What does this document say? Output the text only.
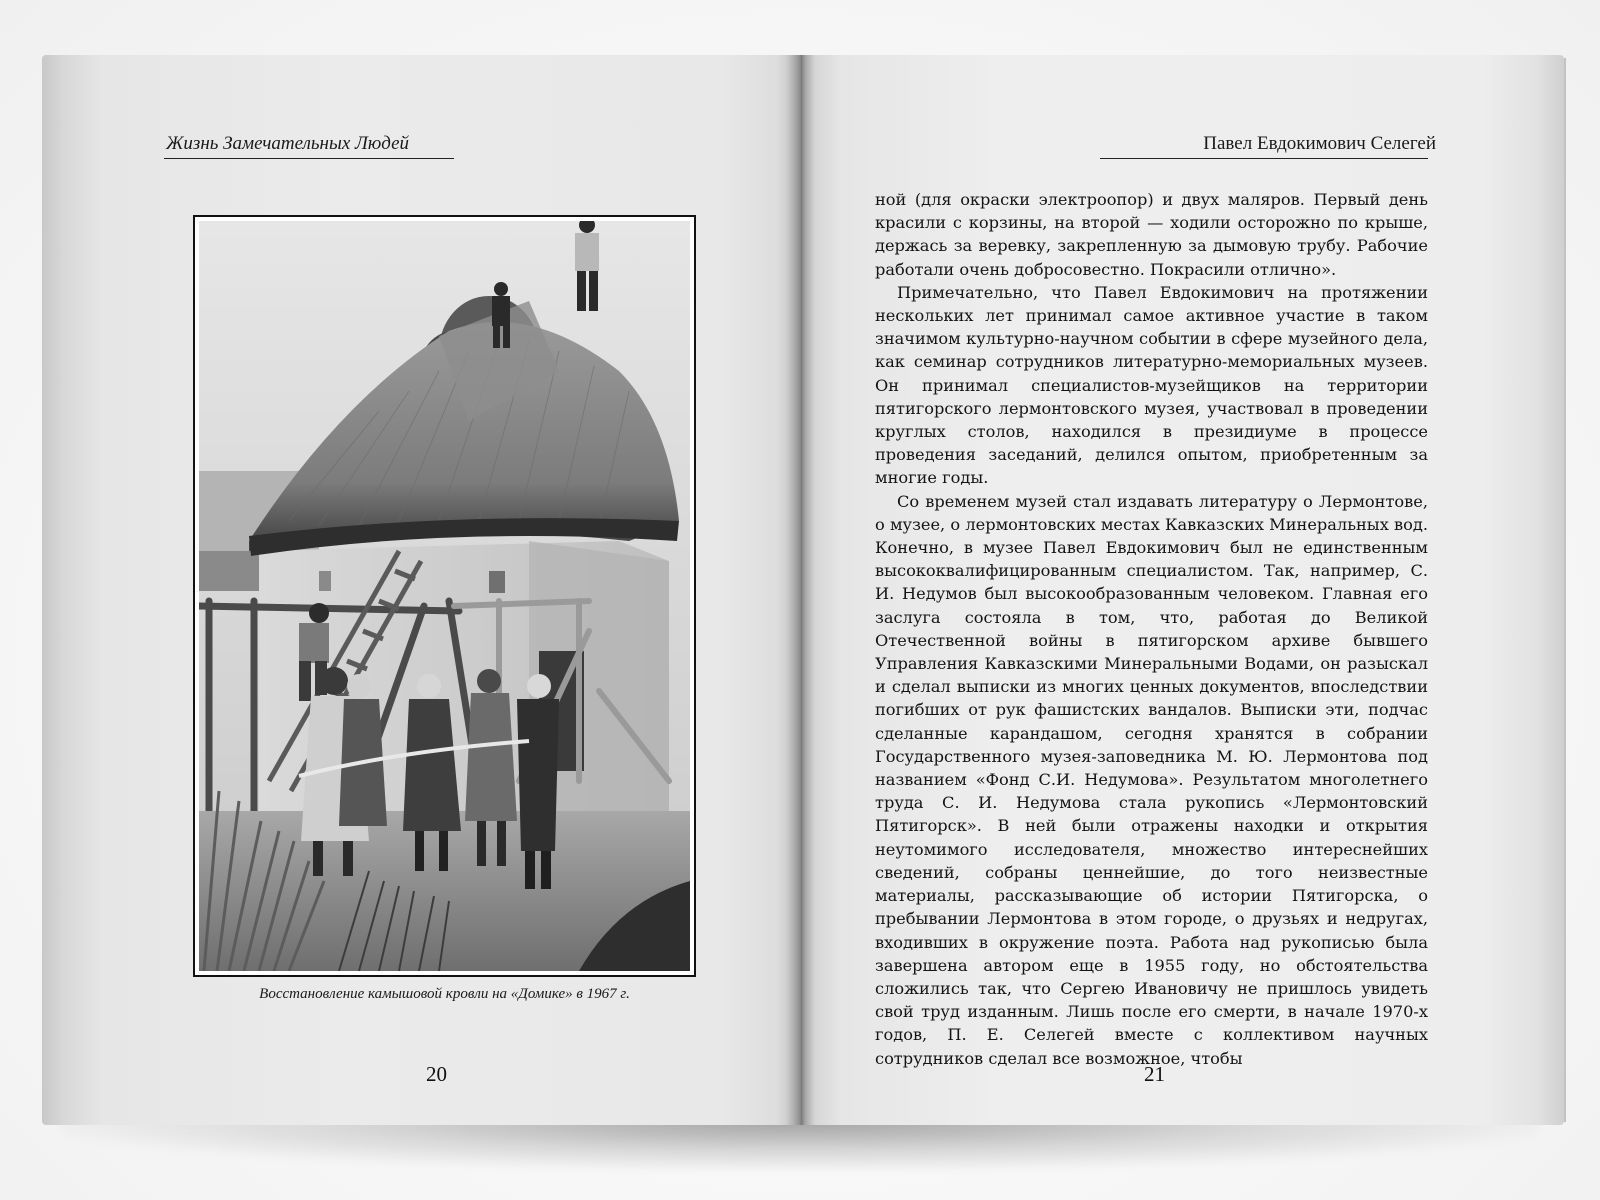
Жизнь Замечательных Людей
Восстановление камышовой кровли на «Домике» в 1967 г.
20
Павел Евдокимович Селегей

ной (для окраски электроопор) и двух маляров. Первый день красили с корзины, на второй — ходили осторожно по крыше, держась за веревку, закрепленную за дымовую трубу. Рабочие работали очень добросовестно. Покрасили отлично».

Примечательно, что Павел Евдокимович на протяжении нескольких лет принимал самое активное участие в таком значимом культурно-научном событии в сфере музейного дела, как семинар сотрудников литературно-мемориальных музеев. Он принимал специалистов-музейщиков на территории пятигорского лермонтовского музея, участвовал в проведении круглых столов, находился в президиуме в процессе проведения заседаний, делился опытом, приобретенным за многие годы.

Со временем музей стал издавать литературу о Лермонтове, о музее, о лермонтовских местах Кавказских Минеральных вод. Конечно, в музее Павел Евдокимович был не единственным высококвалифицированным специалистом. Так, например, С. И. Недумов был высокообразованным человеком. Главная его заслуга состояла в том, что, работая до Великой Отечественной войны в пятигорском архиве бывшего Управления Кавказскими Минеральными Водами, он разыскал и сделал выписки из многих ценных документов, впоследствии погибших от рук фашистских вандалов. Выписки эти, подчас сделанные карандашом, сегодня хранятся в собрании Государственного музея-заповедника М. Ю. Лермонтова под названием «Фонд С.И. Недумова». Результатом многолетнего труда С. И. Недумова стала рукопись «Лермонтовский Пятигорск». В ней были отражены находки и открытия неутомимого исследователя, множество интереснейших сведений, собраны ценнейшие, до того неизвестные материалы, рассказывающие об истории Пятигорска, о пребывании Лермонтова в этом городе, о друзьях и недругах, входивших в окружение поэта. Работа над рукописью была завершена автором еще в 1955 году, но обстоятельства сложились так, что Сергею Ивановичу не пришлось увидеть свой труд изданным. Лишь после его смерти, в начале 1970-х годов, П. Е. Селегей вместе с коллективом научных сотрудников сделал все возможное, чтобы

21
